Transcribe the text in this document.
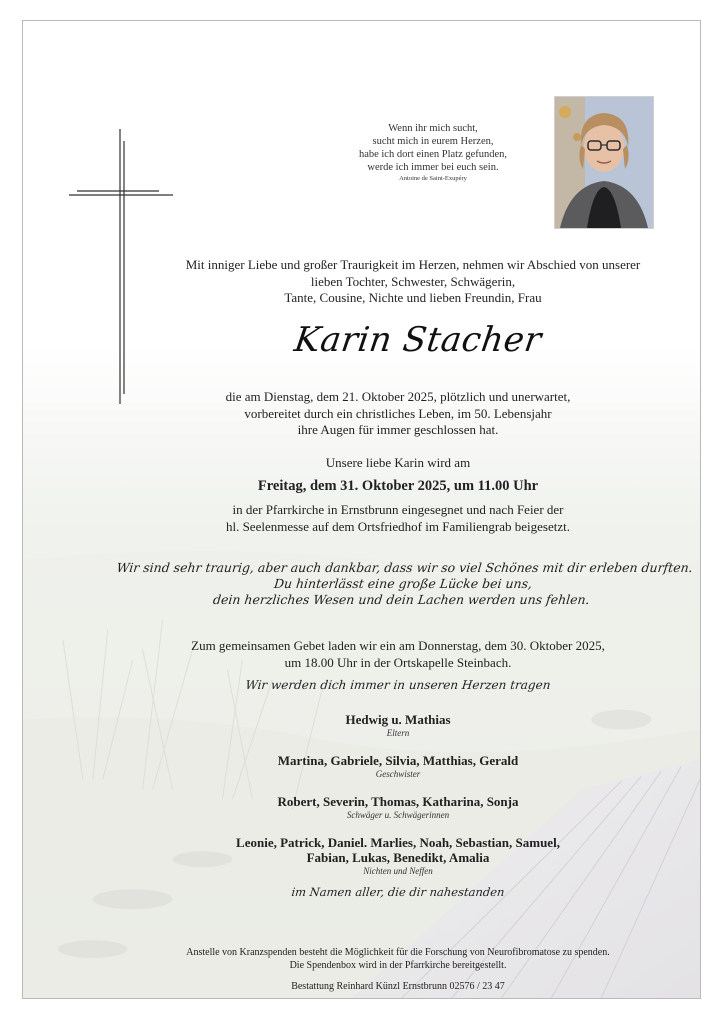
Wenn ihr mich sucht,
sucht mich in eurem Herzen,
habe ich dort einen Platz gefunden,
werde ich immer bei euch sein.
Antoine de Saint-Exupéry
Mit inniger Liebe und großer Traurigkeit im Herzen, nehmen wir Abschied von unserer
lieben Tochter, Schwester, Schwägerin,
Tante, Cousine, Nichte und lieben Freundin, Frau
Karin Stacher
die am Dienstag, dem 21. Oktober 2025, plötzlich und unerwartet,
vorbereitet durch ein christliches Leben, im 50. Lebensjahr
ihre Augen für immer geschlossen hat.
Unsere liebe Karin wird am
Freitag, dem 31. Oktober 2025, um 11.00 Uhr
in der Pfarrkirche in Ernstbrunn eingesegnet und nach Feier der
hl. Seelenmesse auf dem Ortsfriedhof im Familiengrab beigesetzt.
Wir sind sehr traurig, aber auch dankbar, dass wir so viel Schönes mit dir erleben durften.
Du hinterlässt eine große Lücke bei uns,
dein herzliches Wesen und dein Lachen werden uns fehlen.
Zum gemeinsamen Gebet laden wir ein am Donnerstag, dem 30. Oktober 2025,
um 18.00 Uhr in der Ortskapelle Steinbach.
Wir werden dich immer in unseren Herzen tragen
Hedwig u. Mathias
Eltern
Martina, Gabriele, Silvia, Matthias, Gerald
Geschwister
Robert, Severin, Thomas, Katharina, Sonja
Schwäger u. Schwägerinnen
Leonie, Patrick, Daniel. Marlies, Noah, Sebastian, Samuel,
Fabian, Lukas, Benedikt, Amalia
Nichten und Neffen
im Namen aller, die dir nahestanden
Anstelle von Kranzspenden besteht die Möglichkeit für die Forschung von Neurofibromatose zu spenden.
Die Spendenbox wird in der Pfarrkirche bereitgestellt.
Bestattung Reinhard Künzl Ernstbrunn 02576 / 23 47
